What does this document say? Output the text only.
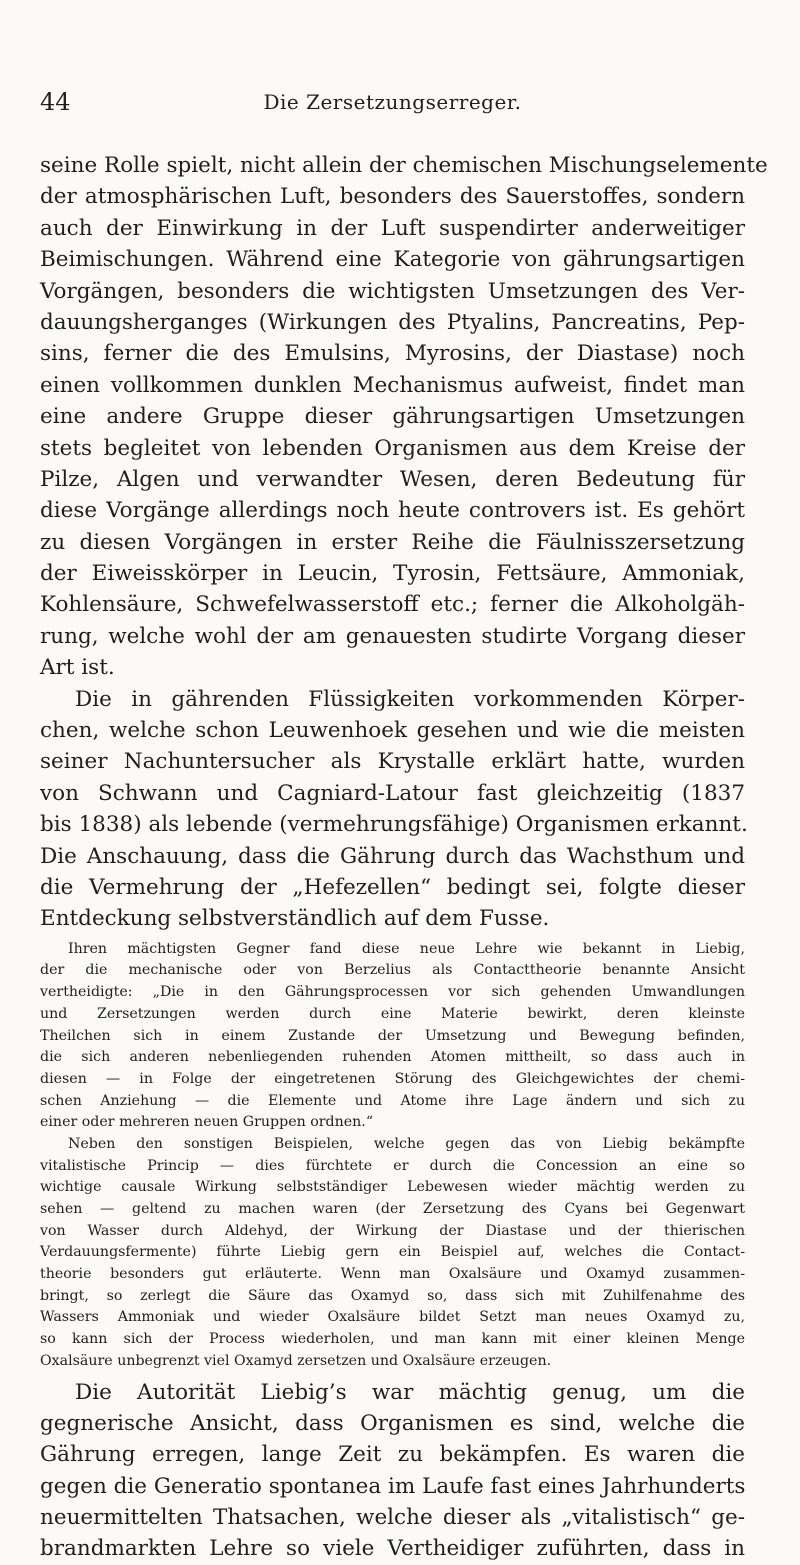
44	Die Zersetzungserreger.
seine Rolle spielt, nicht allein der chemischen Mischungselemente
der atmosphärischen Luft, besonders des Sauerstoffes, sondern
auch der Einwirkung in der Luft suspendirter anderweitiger
Beimischungen. Während eine Kategorie von gährungsartigen
Vorgängen, besonders die wichtigsten Umsetzungen des Ver-
dauungsherganges (Wirkungen des Ptyalins, Pancreatins, Pep-
sins, ferner die des Emulsins, Myrosins, der Diastase) noch
einen vollkommen dunklen Mechanismus aufweist, findet man
eine andere Gruppe dieser gährungsartigen Umsetzungen
stets begleitet von lebenden Organismen aus dem Kreise der
Pilze, Algen und verwandter Wesen, deren Bedeutung für
diese Vorgänge allerdings noch heute controvers ist. Es gehört
zu diesen Vorgängen in erster Reihe die Fäulnisszersetzung
der Eiweisskörper in Leucin, Tyrosin, Fettsäure, Ammoniak,
Kohlensäure, Schwefelwasserstoff etc.; ferner die Alkoholgäh-
rung, welche wohl der am genauesten studirte Vorgang dieser
Art ist.
Die in gährenden Flüssigkeiten vorkommenden Körper-
chen, welche schon Leuwenhoek gesehen und wie die meisten
seiner Nachuntersucher als Krystalle erklärt hatte, wurden
von Schwann und Cagniard-Latour fast gleichzeitig (1837
bis 1838) als lebende (vermehrungsfähige) Organismen erkannt.
Die Anschauung, dass die Gährung durch das Wachsthum und
die Vermehrung der „Hefezellen“ bedingt sei, folgte dieser
Entdeckung selbstverständlich auf dem Fusse.
Ihren mächtigsten Gegner fand diese neue Lehre wie bekannt in Liebig,
der die mechanische oder von Berzelius als Contacttheorie benannte Ansicht
vertheidigte: „Die in den Gährungsprocessen vor sich gehenden Umwandlungen
und Zersetzungen werden durch eine Materie bewirkt, deren kleinste
Theilchen sich in einem Zustande der Umsetzung und Bewegung befinden,
die sich anderen nebenliegenden ruhenden Atomen mittheilt, so dass auch in
diesen — in Folge der eingetretenen Störung des Gleichgewichtes der chemi-
schen Anziehung — die Elemente und Atome ihre Lage ändern und sich zu
einer oder mehreren neuen Gruppen ordnen.“
Neben den sonstigen Beispielen, welche gegen das von Liebig bekämpfte
vitalistische Princip — dies fürchtete er durch die Concession an eine so
wichtige causale Wirkung selbstständiger Lebewesen wieder mächtig werden zu
sehen — geltend zu machen waren (der Zersetzung des Cyans bei Gegenwart
von Wasser durch Aldehyd, der Wirkung der Diastase und der thierischen
Verdauungsfermente) führte Liebig gern ein Beispiel auf, welches die Contact-
theorie besonders gut erläuterte. Wenn man Oxalsäure und Oxamyd zusammen-
bringt, so zerlegt die Säure das Oxamyd so, dass sich mit Zuhilfenahme des
Wassers Ammoniak und wieder Oxalsäure bildet Setzt man neues Oxamyd zu,
so kann sich der Process wiederholen, und man kann mit einer kleinen Menge
Oxalsäure unbegrenzt viel Oxamyd zersetzen und Oxalsäure erzeugen.
Die Autorität Liebig’s war mächtig genug, um die
gegnerische Ansicht, dass Organismen es sind, welche die
Gährung erregen, lange Zeit zu bekämpfen. Es waren die
gegen die Generatio spontanea im Laufe fast eines Jahrhunderts
neuermittelten Thatsachen, welche dieser als „vitalistisch“ ge-
brandmarkten Lehre so viele Vertheidiger zuführten, dass in
